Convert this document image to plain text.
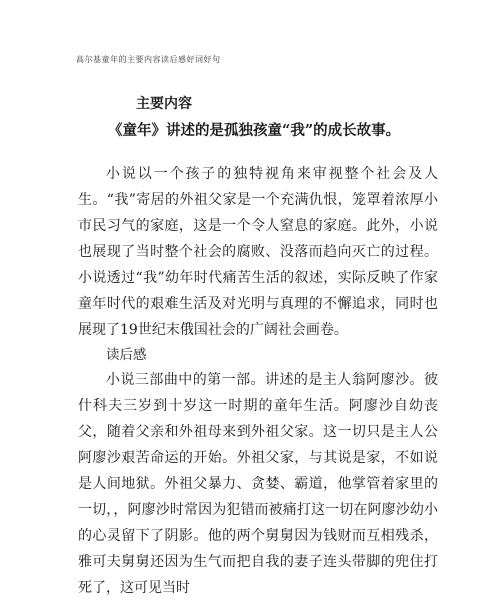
高尔基童年的主要内容读后感好词好句
主要内容
《童年》讲述的是孤独孩童“我”的成长故事。

小说以一个孩子的独特视角来审视整个社会及人生。“我”寄居的外祖父家是一个充满仇恨，笼罩着浓厚小市民习气的家庭，这是一个令人窒息的家庭。此外，小说也展现了当时整个社会的腐败、没落而趋向灭亡的过程。小说透过“我”幼年时代痛苦生活的叙述，实际反映了作家童年时代的艰难生活及对光明与真理的不懈追求，同时也展现了19世纪末俄国社会的广阔社会画卷。

读后感

小说三部曲中的第一部。讲述的是主人翁阿廖沙。彼什科夫三岁到十岁这一时期的童年生活。阿廖沙自幼丧父，随着父亲和外祖母来到外祖父家。这一切只是主人公阿廖沙艰苦命运的开始。外祖父家，与其说是家，不如说是人间地狱。外祖父暴力、贪婪、霸道，他掌管着家里的一切，，阿廖沙时常因为犯错而被痛打这一切在阿廖沙幼小的心灵留下了阴影。他的两个舅舅因为钱财而互相残杀，雅可夫舅舅还因为生气而把自我的妻子连头带脚的兜住打死了，这可见当时
